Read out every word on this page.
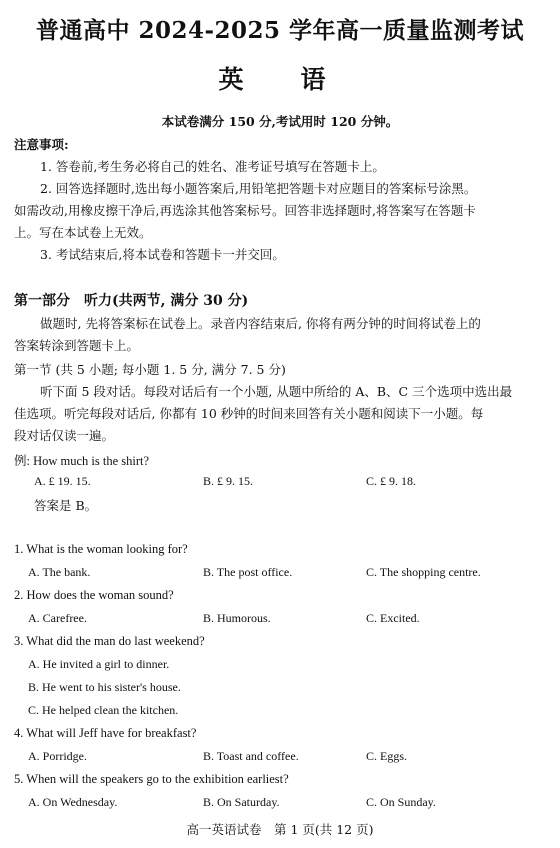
普通高中 2024-2025 学年高一质量监测考试
英　语
本试卷满分 150 分,考试用时 120 分钟。
注意事项:
1. 答卷前,考生务必将自己的姓名、准考证号填写在答题卡上。
2. 回答选择题时,选出每小题答案后,用铅笔把答题卡对应题目的答案标号涂黑。
如需改动,用橡皮擦干净后,再选涂其他答案标号。回答非选择题时,将答案写在答题卡
上。写在本试卷上无效。
3. 考试结束后,将本试卷和答题卡一并交回。
第一部分　听力(共两节, 满分 30 分)
做题时, 先将答案标在试卷上。录音内容结束后, 你将有两分钟的时间将试卷上的
答案转涂到答题卡上。
第一节 (共 5 小题; 每小题 1. 5 分, 满分 7. 5 分)
听下面 5 段对话。每段对话后有一个小题, 从题中所给的 A、B、C 三个选项中选出最
佳选项。听完每段对话后, 你都有 10 秒钟的时间来回答有关小题和阅读下一小题。每
段对话仅读一遍。
例: How much is the shirt?
A. £ 19. 15.	B. £ 9. 15.	C. £ 9. 18.
答案是 B。
1. What is the woman looking for?
A. The bank.	B. The post office.	C. The shopping centre.
2. How does the woman sound?
A. Carefree.	B. Humorous.	C. Excited.
3. What did the man do last weekend?
A. He invited a girl to dinner.
B. He went to his sister's house.
C. He helped clean the kitchen.
4. What will Jeff have for breakfast?
A. Porridge.	B. Toast and coffee.	C. Eggs.
5. When will the speakers go to the exhibition earliest?
A. On Wednesday.	B. On Saturday.	C. On Sunday.
高一英语试卷　第 1 页(共 12 页)
